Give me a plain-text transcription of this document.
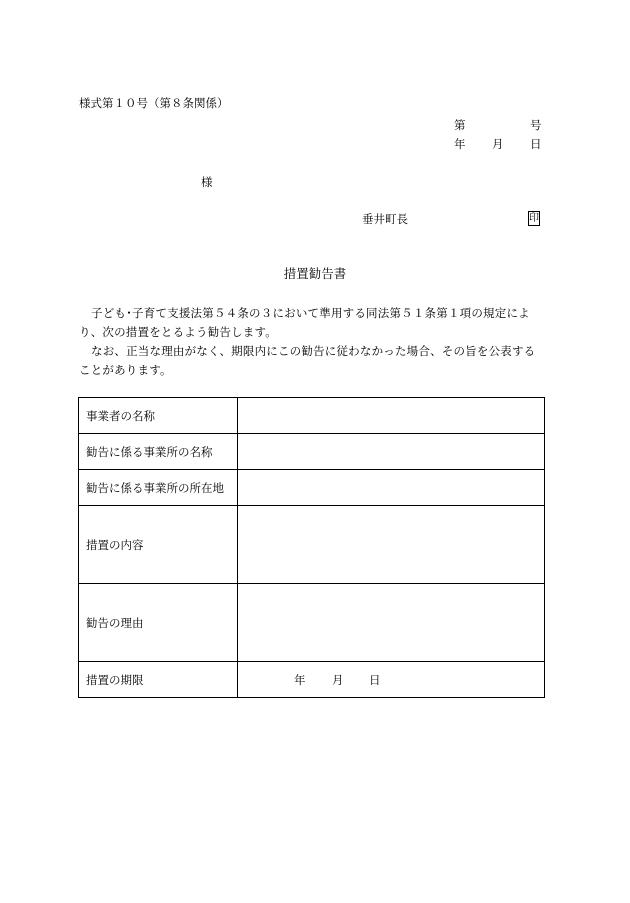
様式第１０号（第８条関係）
第	号
年 月 日
様
垂井町長	印
措置勧告書
子ども･子育て支援法第５４条の３において準用する同法第５１条第１項の規定によ
り、次の措置をとるよう勧告します。
なお、正当な理由がなく、期限内にこの勧告に従わなかった場合、その旨を公表する
ことがあります。
事業者の名称	
勧告に係る事業所の名称	
勧告に係る事業所の所在地	
措置の内容	
勧告の理由	
措置の期限	年 月 日
